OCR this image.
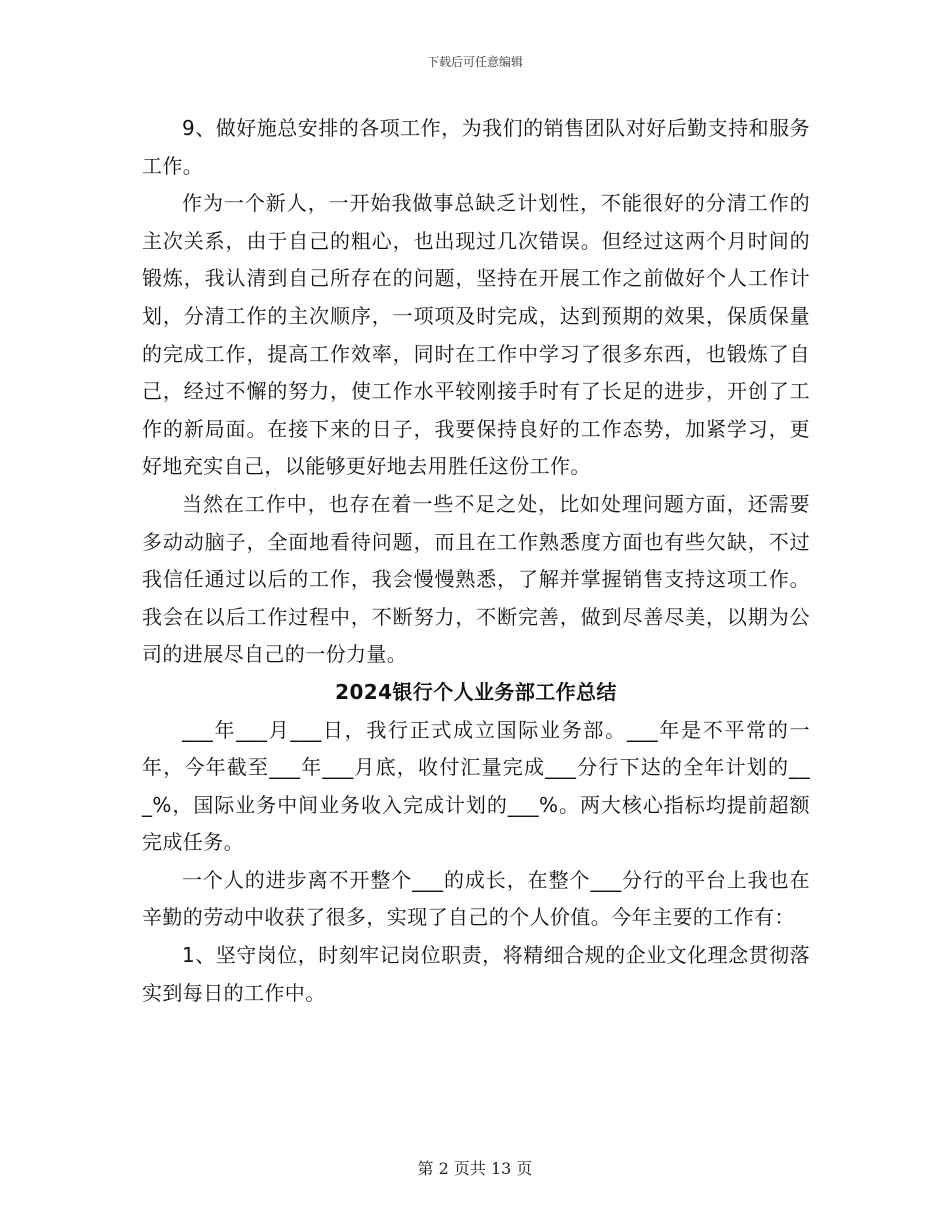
下载后可任意编辑

9、做好施总安排的各项工作，为我们的销售团队对好后勤支持和服务工作。

作为一个新人，一开始我做事总缺乏计划性，不能很好的分清工作的主次关系，由于自己的粗心，也出现过几次错误。但经过这两个月时间的锻炼，我认清到自己所存在的问题，坚持在开展工作之前做好个人工作计划，分清工作的主次顺序，一项项及时完成，达到预期的效果，保质保量的完成工作，提高工作效率，同时在工作中学习了很多东西，也锻炼了自己，经过不懈的努力，使工作水平较刚接手时有了长足的进步，开创了工作的新局面。在接下来的日子，我要保持良好的工作态势，加紧学习，更好地充实自己，以能够更好地去用胜任这份工作。

当然在工作中，也存在着一些不足之处，比如处理问题方面，还需要多动动脑子，全面地看待问题，而且在工作熟悉度方面也有些欠缺，不过我信任通过以后的工作，我会慢慢熟悉，了解并掌握销售支持这项工作。我会在以后工作过程中，不断努力，不断完善，做到尽善尽美，以期为公司的进展尽自己的一份力量。

2024银行个人业务部工作总结

___年___月___日，我行正式成立国际业务部。___年是不平常的一年，今年截至___年___月底，收付汇量完成___分行下达的全年计划的___%，国际业务中间业务收入完成计划的___%。两大核心指标均提前超额完成任务。

一个人的进步离不开整个___的成长，在整个___分行的平台上我也在辛勤的劳动中收获了很多，实现了自己的个人价值。今年主要的工作有：

1、坚守岗位，时刻牢记岗位职责，将精细合规的企业文化理念贯彻落实到每日的工作中。

第 2 页共 13 页
